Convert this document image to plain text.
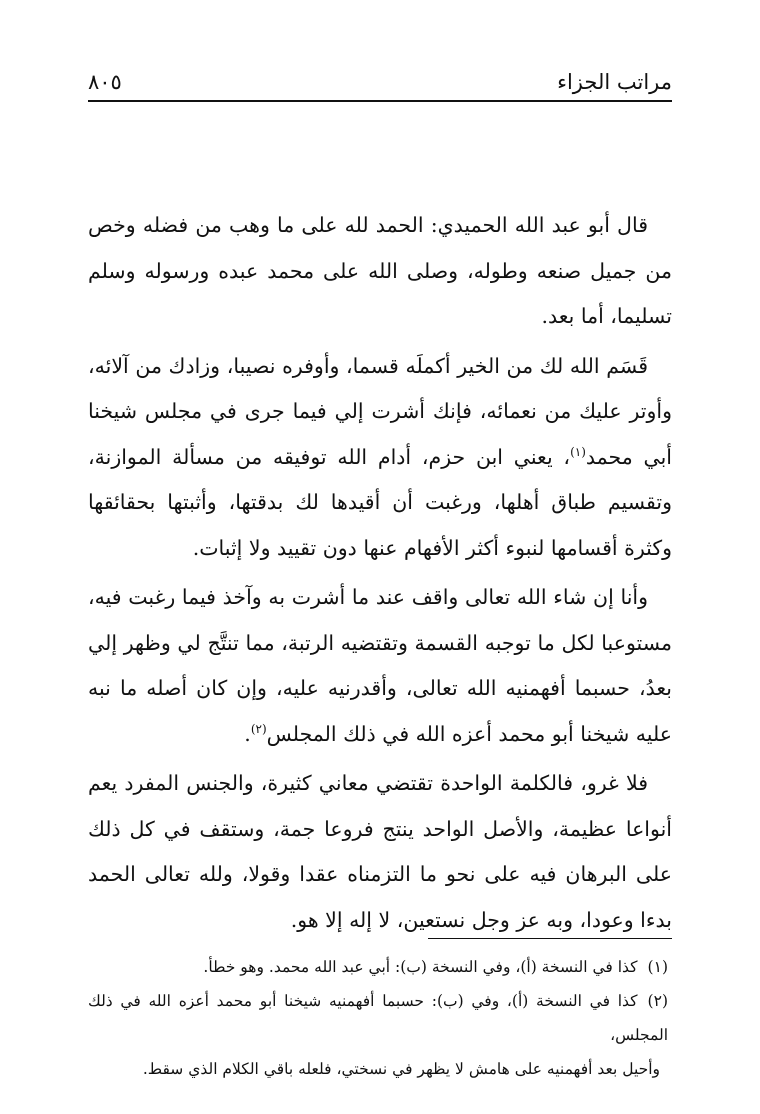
مراتب الجزاء
٨٠٥

قال أبو عبد الله الحميدي: الحمد لله على ما وهب من فضله وخص من جميل صنعه وطوله، وصلى الله على محمد عبده ورسوله وسلم تسليما، أما بعد.

قَسَم الله لك من الخير أكملَه قسما، وأوفره نصيبا، وزادك من آلائه، وأوتر عليك من نعمائه، فإنك أشرت إلي فيما جرى في مجلس شيخنا أبي محمد$^{(١)}$، يعني ابن حزم، أدام الله توفيقه من مسألة الموازنة، وتقسيم طباق أهلها، ورغبت أن أقيدها لك بدقتها، وأثبتها بحقائقها وكثرة أقسامها لنبوء أكثر الأفهام عنها دون تقييد ولا إثبات.

وأنا إن شاء الله تعالى واقف عند ما أشرت به وآخذ فيما رغبت فيه، مستوعبا لكل ما توجبه القسمة وتقتضيه الرتبة، مما تنتَّج لي وظهر إلي بعدُ، حسبما أفهمنيه الله تعالى، وأقدرنيه عليه، وإن كان أصله ما نبه عليه شيخنا أبو محمد أعزه الله في ذلك المجلس$^{(٢)}$.

فلا غرو، فالكلمة الواحدة تقتضي معاني كثيرة، والجنس المفرد يعم أنواعا عظيمة، والأصل الواحد ينتج فروعا جمة، وستقف في كل ذلك على البرهان فيه على نحو ما التزمناه عقدا وقولا، ولله تعالى الحمد بدءا وعودا، وبه عز وجل نستعين، لا إله إلا هو.

(١)كذا في النسخة (أ)، وفي النسخة (ب): أبي عبد الله محمد. وهو خطأ.

(٢)كذا في النسخة (أ)، وفي (ب): حسبما أفهمنيه شيخنا أبو محمد أعزه الله في ذلك المجلس،

وأحيل بعد أفهمنيه على هامش لا يظهر في نسختي، فلعله باقي الكلام الذي سقط.
